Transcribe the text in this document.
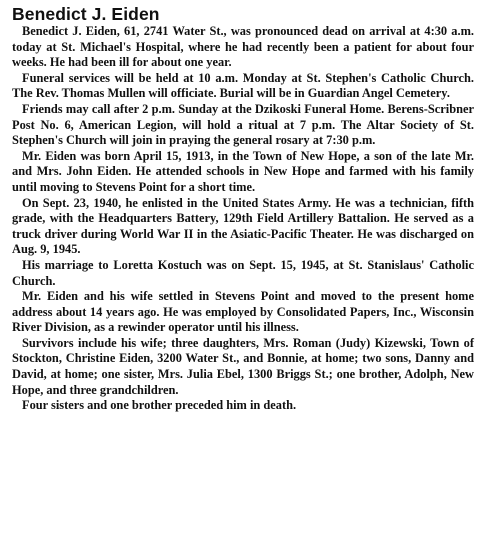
Benedict J. Eiden

Benedict J. Eiden, 61, 2741 Water St., was pronounced dead on arrival at 4:30 a.m. today at St. Michael's Hospital, where he had recently been a patient for about four weeks. He had been ill for about one year.

Funeral services will be held at 10 a.m. Monday at St. Stephen's Catholic Church. The Rev. Thomas Mullen will officiate. Burial will be in Guardian Angel Cemetery.

Friends may call after 2 p.m. Sunday at the Dzikoski Funeral Home. Berens-Scribner Post No. 6, American Legion, will hold a ritual at 7 p.m. The Altar Society of St. Stephen's Church will join in praying the general rosary at 7:30 p.m.

Mr. Eiden was born April 15, 1913, in the Town of New Hope, a son of the late Mr. and Mrs. John Eiden. He attended schools in New Hope and farmed with his family until moving to Stevens Point for a short time.

On Sept. 23, 1940, he enlisted in the United States Army. He was a technician, fifth grade, with the Headquarters Battery, 129th Field Artillery Battalion. He served as a truck driver during World War II in the Asiatic-Pacific Theater. He was discharged on Aug. 9, 1945.

His marriage to Loretta Kostuch was on Sept. 15, 1945, at St. Stanislaus' Catholic Church.

Mr. Eiden and his wife settled in Stevens Point and moved to the present home address about 14 years ago. He was employed by Consolidated Papers, Inc., Wisconsin River Division, as a rewinder operator until his illness.

Survivors include his wife; three daughters, Mrs. Roman (Judy) Kizewski, Town of Stockton, Christine Eiden, 3200 Water St., and Bonnie, at home; two sons, Danny and David, at home; one sister, Mrs. Julia Ebel, 1300 Briggs St.; one brother, Adolph, New Hope, and three grandchildren.

Four sisters and one brother preceded him in death.
